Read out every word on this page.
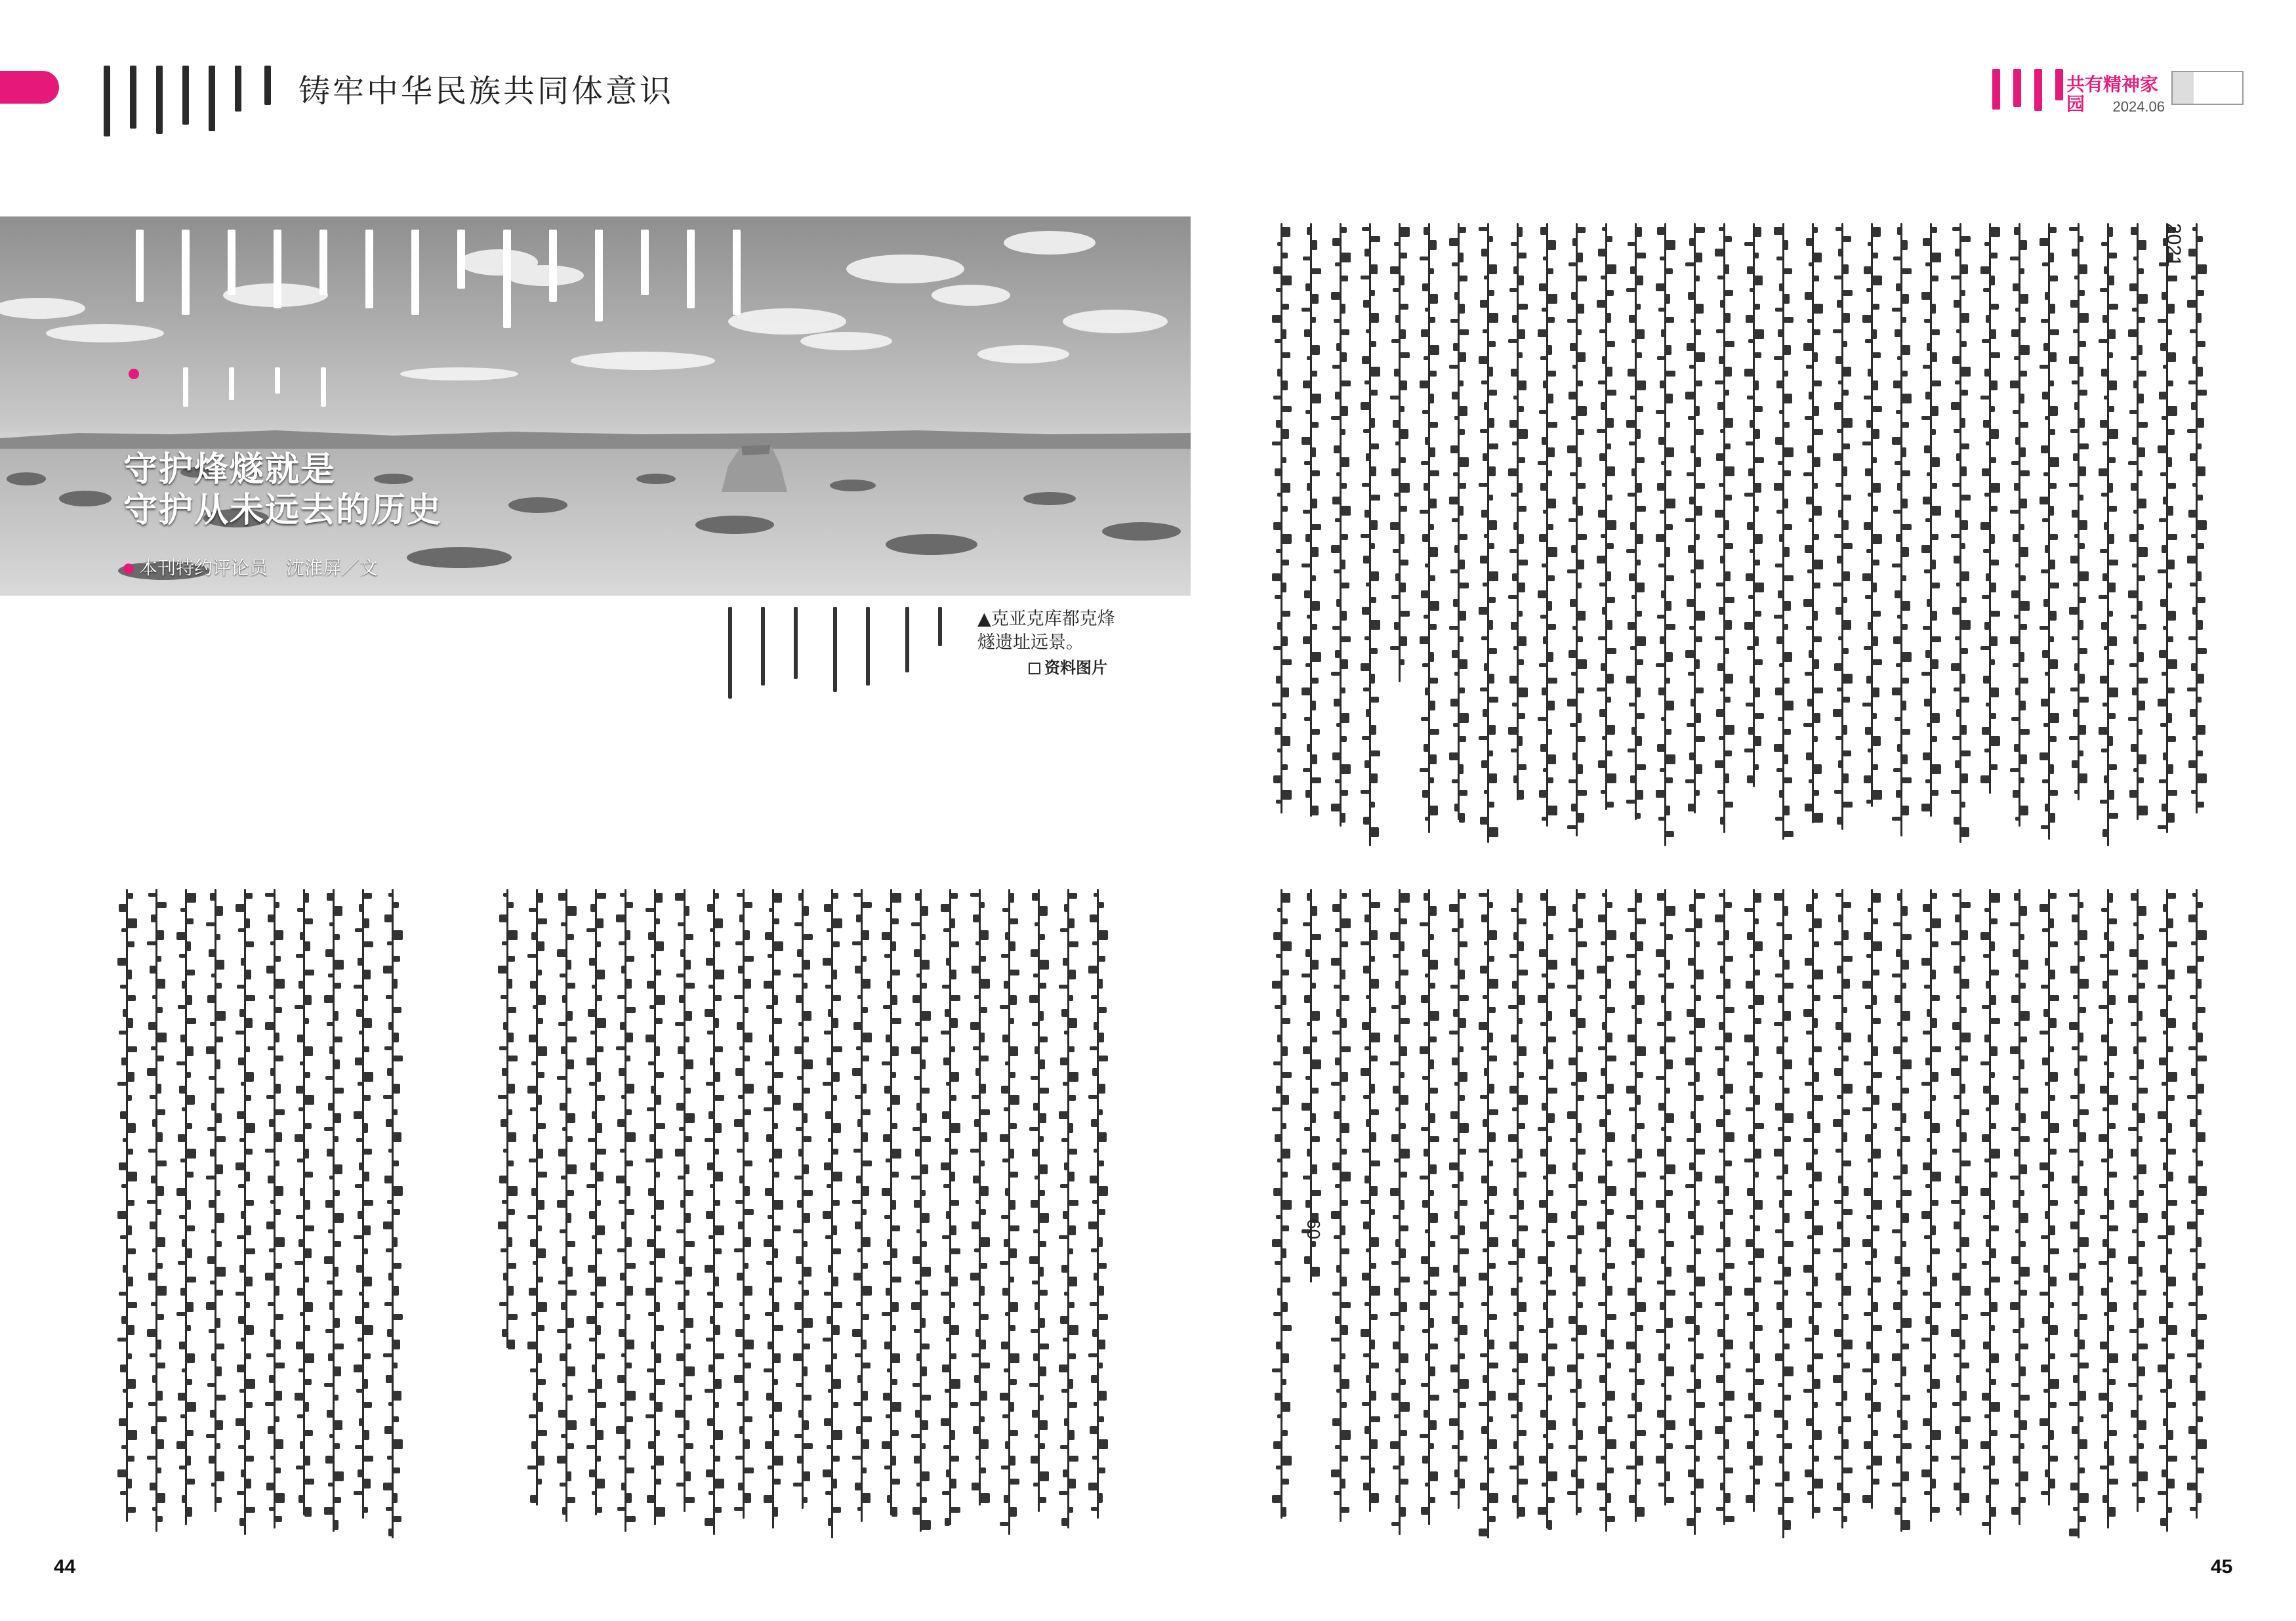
铸牢中华民族共同体意识	共有精神家园	2024.06
守护烽燧就是
守护从未远去的历史
本刊特约评论员　沈淮屏／文
▲克亚克库都克烽燧遗址远景。
资料图片
2021
60
44	45
